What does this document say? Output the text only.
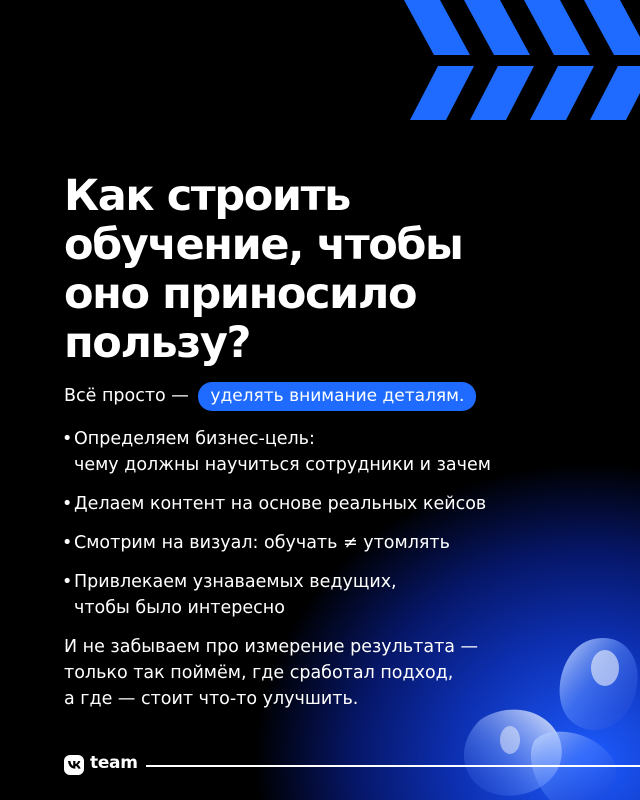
Как строить
обучение, чтобы
оно приносило
пользу?
Всё просто — уделять внимание деталям.
• Определяем бизнес-цель:
чему должны научиться сотрудники и зачем
• Делаем контент на основе реальных кейсов
• Смотрим на визуал: обучать ≠ утомлять
• Привлекаем узнаваемых ведущих,
чтобы было интересно
И не забываем про измерение результата —
только так поймём, где сработал подход,
а где — стоит что-то улучшить.
team
